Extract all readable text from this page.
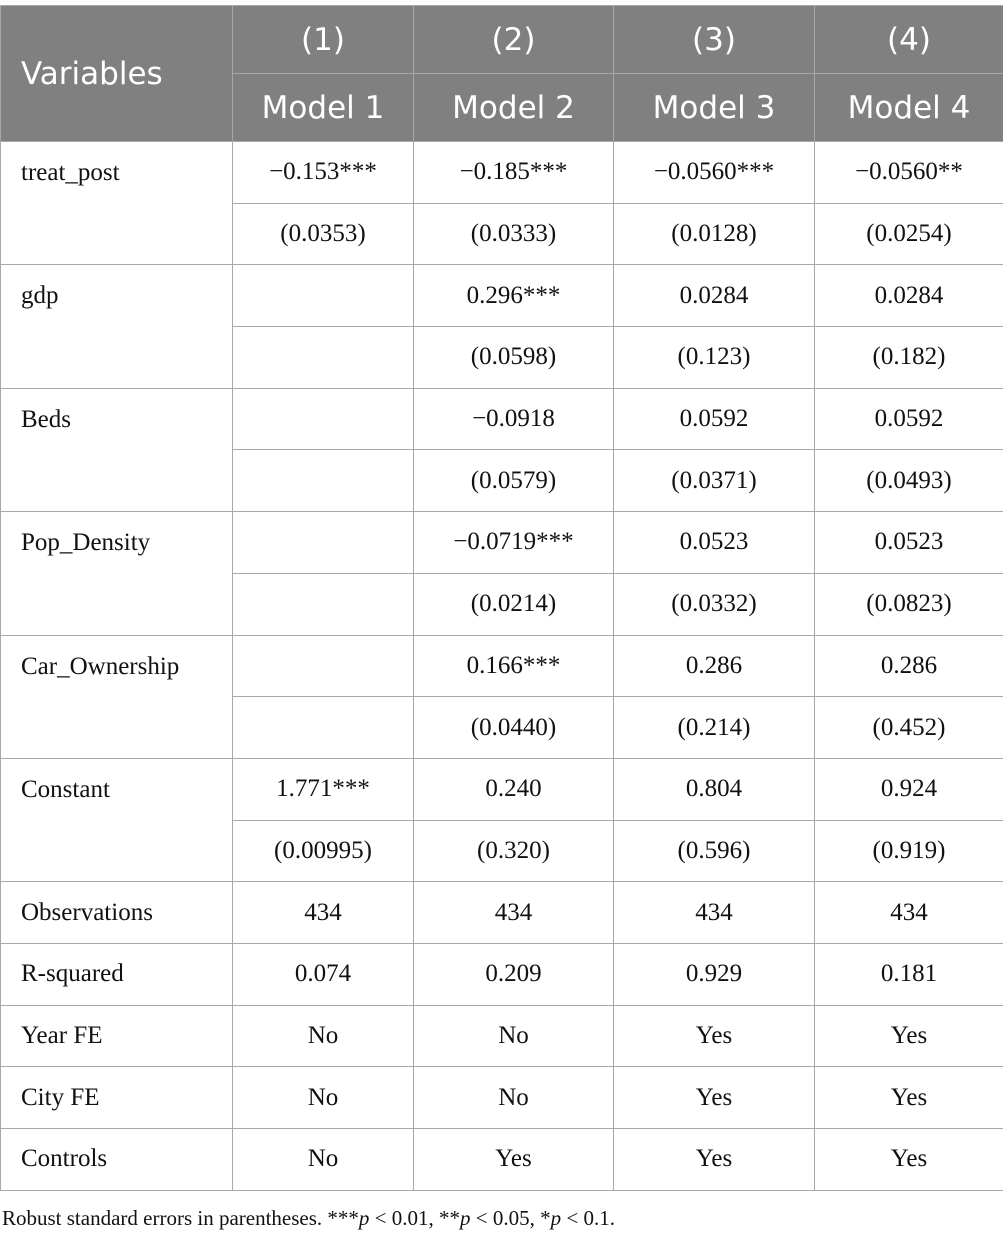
Variables	(1)	(2)	(3)	(4)
	Model 1	Model 2	Model 3	Model 4
treat_post	−0.153***	−0.185***	−0.0560***	−0.0560**
	(0.0353)	(0.0333)	(0.0128)	(0.0254)
gdp		0.296***	0.0284	0.0284
		(0.0598)	(0.123)	(0.182)
Beds		−0.0918	0.0592	0.0592
		(0.0579)	(0.0371)	(0.0493)
Pop_Density		−0.0719***	0.0523	0.0523
		(0.0214)	(0.0332)	(0.0823)
Car_Ownership		0.166***	0.286	0.286
		(0.0440)	(0.214)	(0.452)
Constant	1.771***	0.240	0.804	0.924
	(0.00995)	(0.320)	(0.596)	(0.919)
Observations	434	434	434	434
R-squared	0.074	0.209	0.929	0.181
Year FE	No	No	Yes	Yes
City FE	No	No	Yes	Yes
Controls	No	Yes	Yes	Yes
Robust standard errors in parentheses. ***p < 0.01, **p < 0.05, *p < 0.1.
